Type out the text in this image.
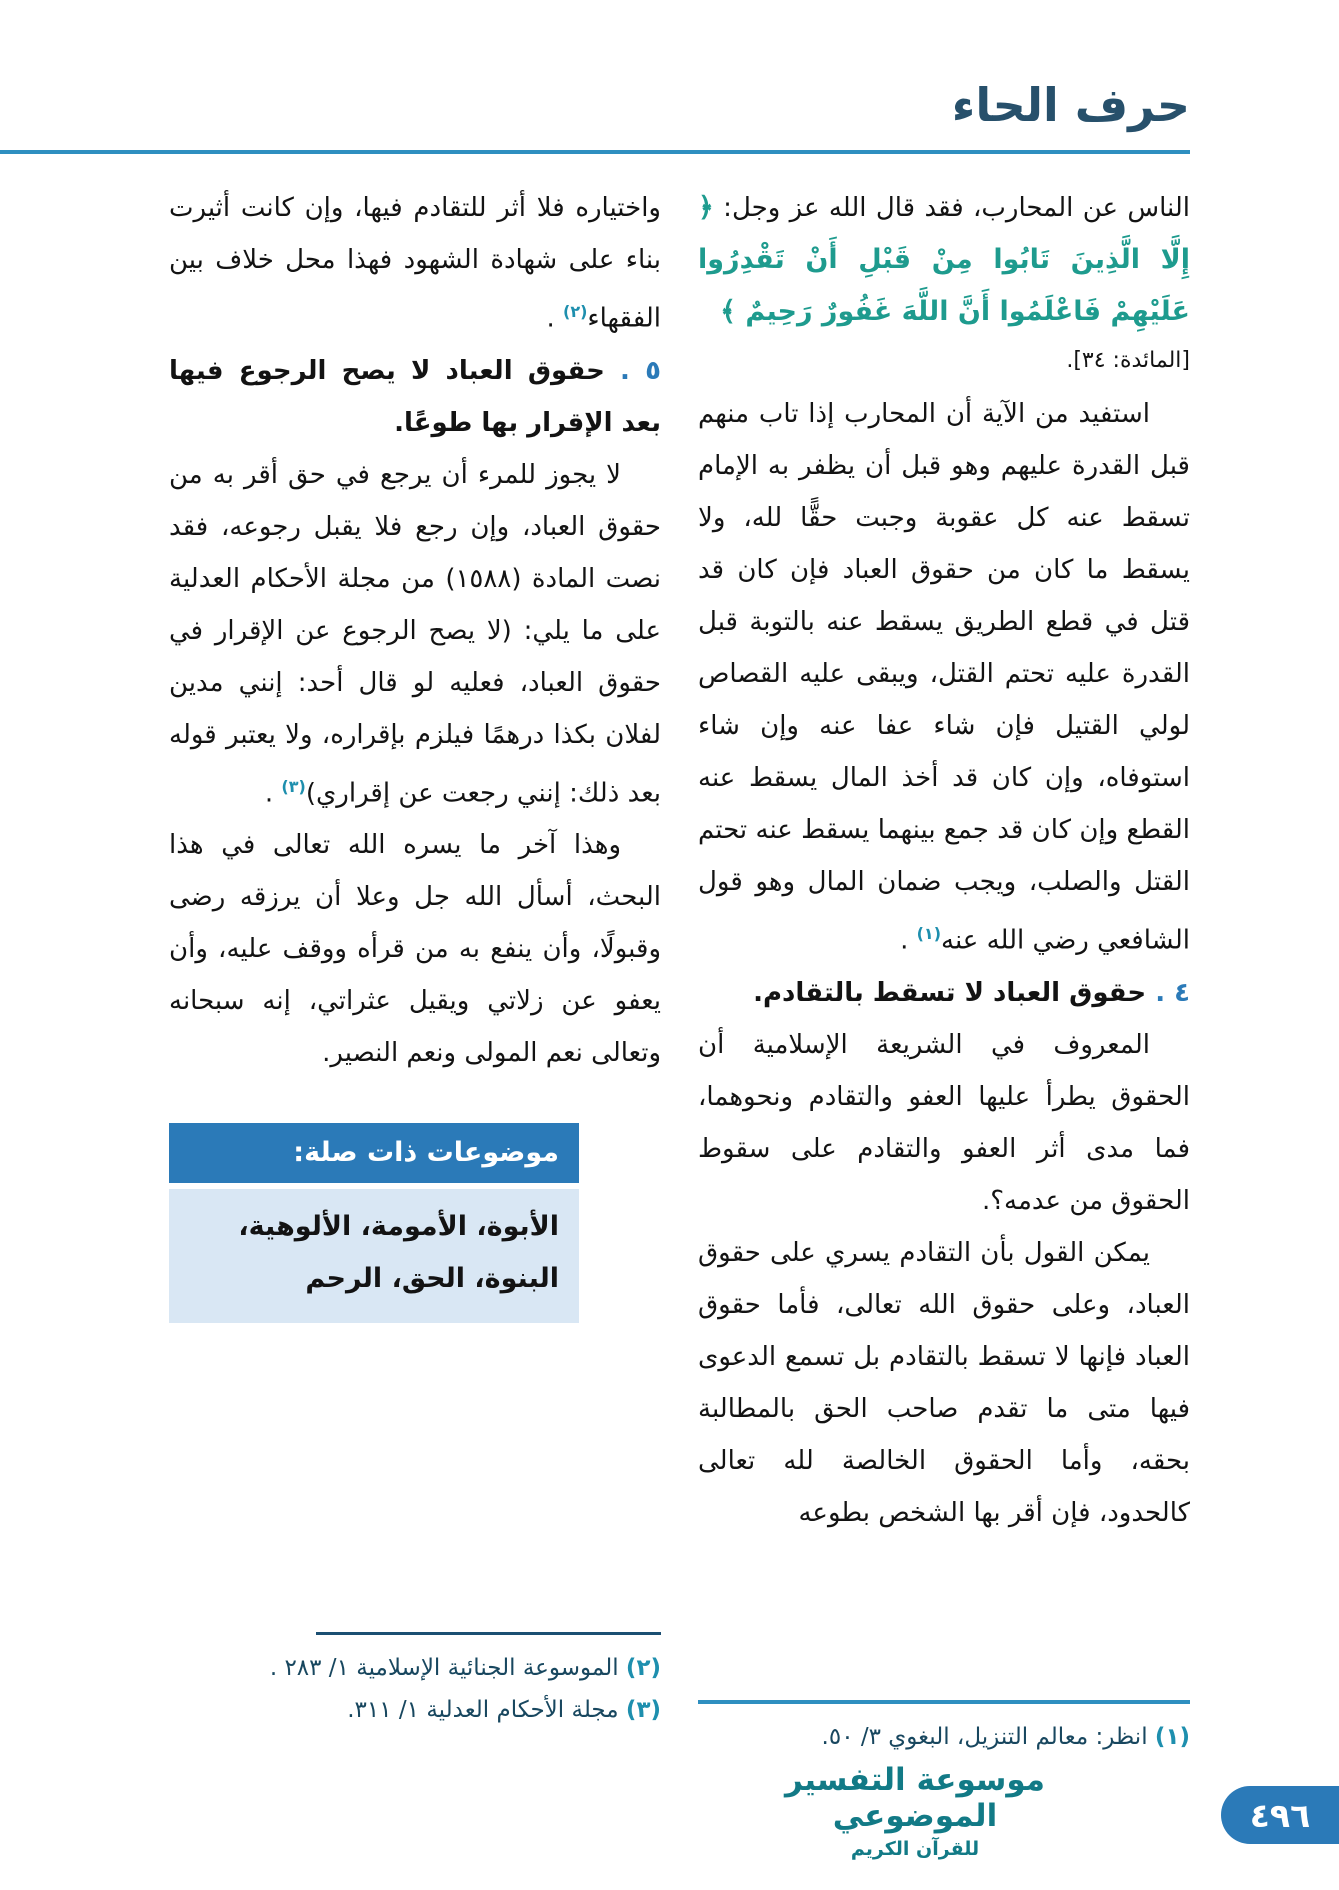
حرف الحاء

الناس عن المحارب، فقد قال الله عز وجل: ﴿ إِلَّا الَّذِينَ تَابُوا مِنْ قَبْلِ أَنْ تَقْدِرُوا عَلَيْهِمْ فَاعْلَمُوا أَنَّ اللَّهَ غَفُورٌ رَحِيمٌ ﴾

[المائدة: ٣٤].

استفيد من الآية أن المحارب إذا تاب منهم قبل القدرة عليهم وهو قبل أن يظفر به الإمام تسقط عنه كل عقوبة وجبت حقًّا لله، ولا يسقط ما كان من حقوق العباد فإن كان قد قتل في قطع الطريق يسقط عنه بالتوبة قبل القدرة عليه تحتم القتل، ويبقى عليه القصاص لولي القتيل فإن شاء عفا عنه وإن شاء استوفاه، وإن كان قد أخذ المال يسقط عنه القطع وإن كان قد جمع بينهما يسقط عنه تحتم القتل والصلب، ويجب ضمان المال وهو قول الشافعي رضي الله عنه$^{(١)}$ .

٤ . حقوق العباد لا تسقط بالتقادم.

المعروف في الشريعة الإسلامية أن الحقوق يطرأ عليها العفو والتقادم ونحوهما، فما مدى أثر العفو والتقادم على سقوط الحقوق من عدمه؟.

يمكن القول بأن التقادم يسري على حقوق العباد، وعلى حقوق الله تعالى، فأما حقوق العباد فإنها لا تسقط بالتقادم بل تسمع الدعوى فيها متى ما تقدم صاحب الحق بالمطالبة بحقه، وأما الحقوق الخالصة لله تعالى كالحدود، فإن أقر بها الشخص بطوعه

واختياره فلا أثر للتقادم فيها، وإن كانت أثيرت بناء على شهادة الشهود فهذا محل خلاف بين الفقهاء$^{(٢)}$ .

٥ . حقوق العباد لا يصح الرجوع فيها بعد الإقرار بها طوعًا.

لا يجوز للمرء أن يرجع في حق أقر به من حقوق العباد، وإن رجع فلا يقبل رجوعه، فقد نصت المادة (١٥٨٨) من مجلة الأحكام العدلية على ما يلي: (لا يصح الرجوع عن الإقرار في حقوق العباد، فعليه لو قال أحد: إنني مدين لفلان بكذا درهمًا فيلزم بإقراره، ولا يعتبر قوله بعد ذلك: إنني رجعت عن إقراري)$^{(٣)}$ .

وهذا آخر ما يسره الله تعالى في هذا البحث، أسأل الله جل وعلا أن يرزقه رضى وقبولًا، وأن ينفع به من قرأه ووقف عليه، وأن يعفو عن زلاتي ويقيل عثراتي، إنه سبحانه وتعالى نعم المولى ونعم النصير.

موضوعات ذات صلة:
الأبوة، الأمومة، الألوهية، البنوة، الحق، الرحم
(٢) الموسوعة الجنائية الإسلامية ١/ ٢٨٣ .
(٣) مجلة الأحكام العدلية ١/ ٣١١.
(١) انظر: معالم التنزيل، البغوي ٣/ ٥٠.
موسوعة التفسير الموضوعي
للقرآن الكريم
٤٩٦
